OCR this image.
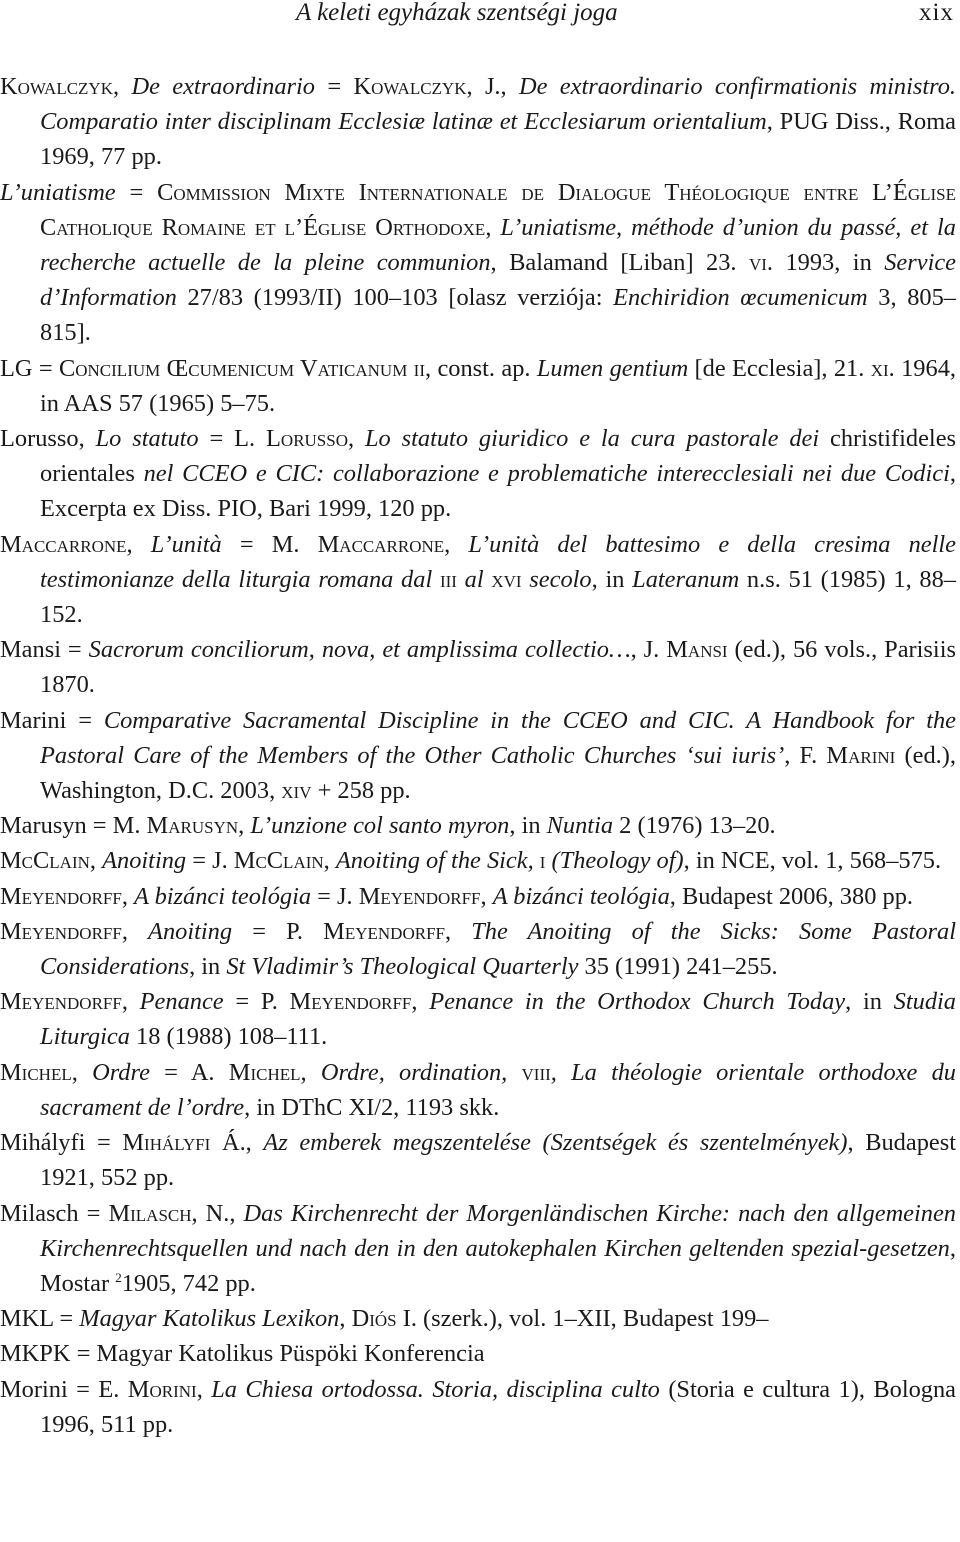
A keleti egyházak szentségi joga	xix

Kowalczyk, De extraordinario = Kowalczyk, J., De extraordinario confirmationis ministro. Comparatio inter disciplinam Ecclesiæ latinæ et Ecclesiarum orientalium, PUG Diss., Roma 1969, 77 pp.

L’uniatisme = Commission Mixte Internationale de Dialogue Théologique entre L’Église Catholique Romaine et l’Église Orthodoxe, L’uniatisme, méthode d’union du passé, et la recherche actuelle de la pleine communion, Balamand [Liban] 23. vi. 1993, in Service d’Information 27/83 (1993/II) 100–103 [olasz verziója: Enchiridion œcumenicum 3, 805–815].

LG = Concilium Œcumenicum Vaticanum ii, const. ap. Lumen gentium [de Ecclesia], 21. xi. 1964, in AAS 57 (1965) 5–75.

Lorusso, Lo statuto = L. Lorusso, Lo statuto giuridico e la cura pastorale dei christifideles orientales nel CCEO e CIC: collaborazione e problematiche interecclesiali nei due Codici, Excerpta ex Diss. PIO, Bari 1999, 120 pp.

Maccarrone, L’unità = M. Maccarrone, L’unità del battesimo e della cresima nelle testimonianze della liturgia romana dal iii al xvi secolo, in Lateranum n.s. 51 (1985) 1, 88–152.

Mansi = Sacrorum conciliorum, nova, et amplissima collectio…, J. Mansi (ed.), 56 vols., Parisiis 1870.

Marini = Comparative Sacramental Discipline in the CCEO and CIC. A Handbook for the Pastoral Care of the Members of the Other Catholic Churches ‘sui iuris’, F. Marini (ed.), Washington, D.C. 2003, xiv + 258 pp.

Marusyn = M. Marusyn, L’unzione col santo myron, in Nuntia 2 (1976) 13–20.

McClain, Anoiting = J. McClain, Anoiting of the Sick, i (Theology of), in NCE, vol. 1, 568–575.

Meyendorff, A bizánci teológia = J. Meyendorff, A bizánci teológia, Budapest 2006, 380 pp.

Meyendorff, Anoiting = P. Meyendorff, The Anoiting of the Sicks: Some Pastoral Considerations, in St Vladimir’s Theological Quarterly 35 (1991) 241–255.

Meyendorff, Penance = P. Meyendorff, Penance in the Orthodox Church Today, in Studia Liturgica 18 (1988) 108–111.

Michel, Ordre = A. Michel, Ordre, ordination, viii, La théologie orientale orthodoxe du sacrament de l’ordre, in DThC XI/2, 1193 skk.

Mihályfi = Mihályfi Á., Az emberek megszentelése (Szentségek és szentelmények), Budapest 1921, 552 pp.

Milasch = Milasch, N., Das Kirchenrecht der Morgenländischen Kirche: nach den allgemeinen Kirchenrechtsquellen und nach den in den autokephalen Kirchen geltenden spezial-gesetzen, Mostar $^2$1905, 742 pp.

MKL = Magyar Katolikus Lexikon, Diós I. (szerk.), vol. 1–XII, Budapest 199–

MKPK = Magyar Katolikus Püspöki Konferencia

Morini = E. Morini, La Chiesa ortodossa. Storia, disciplina culto (Storia e cultura 1), Bologna 1996, 511 pp.
